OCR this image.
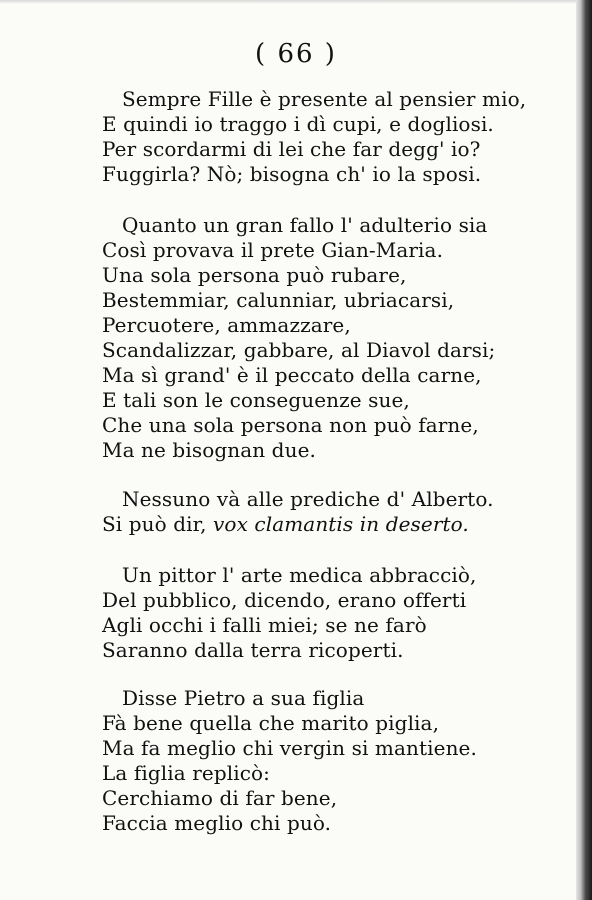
( 66 )
Sempre Fille è presente al pensier mio,
E quindi io traggo i dì cupi, e dogliosi.
Per scordarmi di lei che far degg' io?
Fuggirla? Nò; bisogna ch' io la sposi.
Quanto un gran fallo l' adulterio sia
Così provava il prete Gian-Maria.
Una sola persona può rubare,
Bestemmiar, calunniar, ubriacarsi,
Percuotere, ammazzare,
Scandalizzar, gabbare, al Diavol darsi;
Ma sì grand' è il peccato della carne,
E tali son le conseguenze sue,
Che una sola persona non può farne,
Ma ne bisognan due.
Nessuno và alle prediche d' Alberto.
Si può dir, vox clamantis in deserto.
Un pittor l' arte medica abbracciò,
Del pubblico, dicendo, erano offerti
Agli occhi i falli miei; se ne farò
Saranno dalla terra ricoperti.
Disse Pietro a sua figlia
Fà bene quella che marito piglia,
Ma fa meglio chi vergin si mantiene.
La figlia replicò:
Cerchiamo di far bene,
Faccia meglio chi può.
